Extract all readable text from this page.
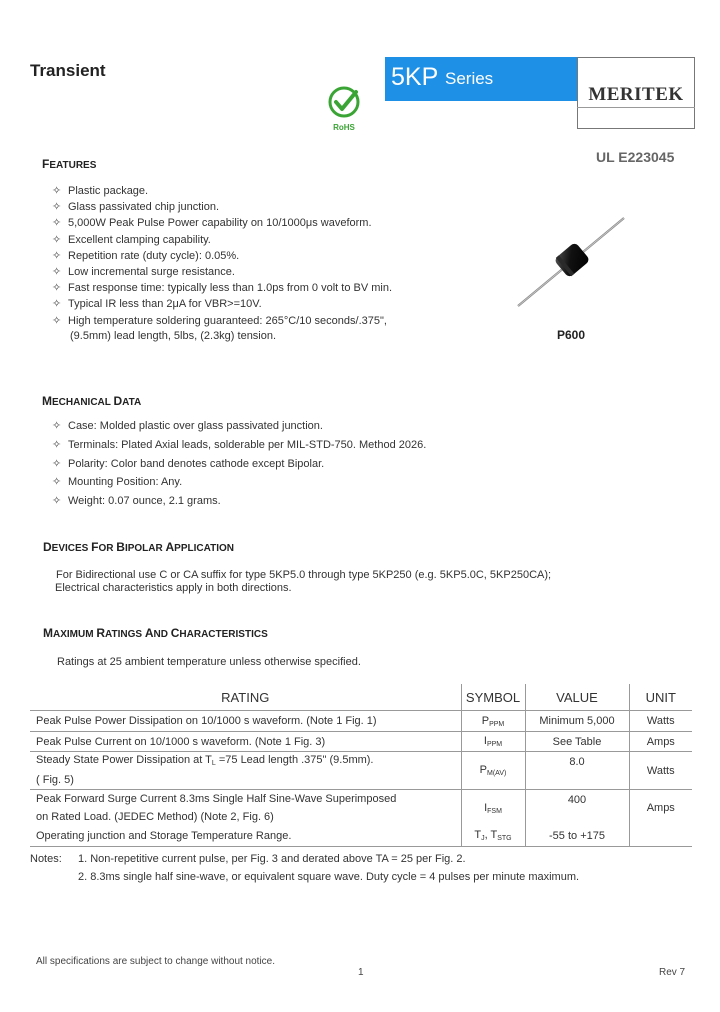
Transient	5KP Series
MERITEK
RoHS
UL E223045
FEATURES
✧ Plastic package.
✧ Glass passivated chip junction.
✧ 5,000W Peak Pulse Power capability on 10/1000μs waveform.
✧ Excellent clamping capability.
✧ Repetition rate (duty cycle): 0.05%.
✧ Low incremental surge resistance.
✧ Fast response time: typically less than 1.0ps from 0 volt to BV min.
✧ Typical IR less than 2μA for VBR>=10V.
✧ High temperature soldering guaranteed: 265°C/10 seconds/.375",
(9.5mm) lead length, 5lbs, (2.3kg) tension.	P600
MECHANICAL DATA
✧ Case: Molded plastic over glass passivated junction.
✧ Terminals: Plated Axial leads, solderable per MIL-STD-750. Method 2026.
✧ Polarity: Color band denotes cathode except Bipolar.
✧ Mounting Position: Any.
✧ Weight: 0.07 ounce, 2.1 grams.
DEVICES FOR BIPOLAR APPLICATION
For Bidirectional use C or CA suffix for type 5KP5.0 through type 5KP250 (e.g. 5KP5.0C, 5KP250CA);
Electrical characteristics apply in both directions.
MAXIMUM RATINGS AND CHARACTERISTICS
Ratings at 25 ambient temperature unless otherwise specified.
RATING	SYMBOL	VALUE	UNIT
Peak Pulse Power Dissipation on 10/1000 s waveform. (Note 1 Fig. 1)	$P_{PPM}$	Minimum 5,000	Watts
Peak Pulse Current on 10/1000 s waveform. (Note 1 Fig. 3)	$I_{PPM}$	See Table	Amps

Steady State Power Dissipation at $T_L =75$ Lead length .375" (9.5mm).
( Fig. 5)	$P_{M(AV)}$	8.0	Watts

Peak Forward Surge Current 8.3ms Single Half Sine-Wave Superimposed
on Rated Load. (JEDEC Method) (Note 2, Fig. 6)	$I_{FSM}$	400	Amps
Operating junction and Storage Temperature Range.	$T_J$, $T_{STG}$	-55 to +175	
Notes: 1. Non-repetitive current pulse, per Fig. 3 and derated above TA = 25 per Fig. 2.
2. 8.3ms single half sine-wave, or equivalent square wave. Duty cycle = 4 pulses per minute maximum.
All specifications are subject to change without notice.
1	Rev 7
